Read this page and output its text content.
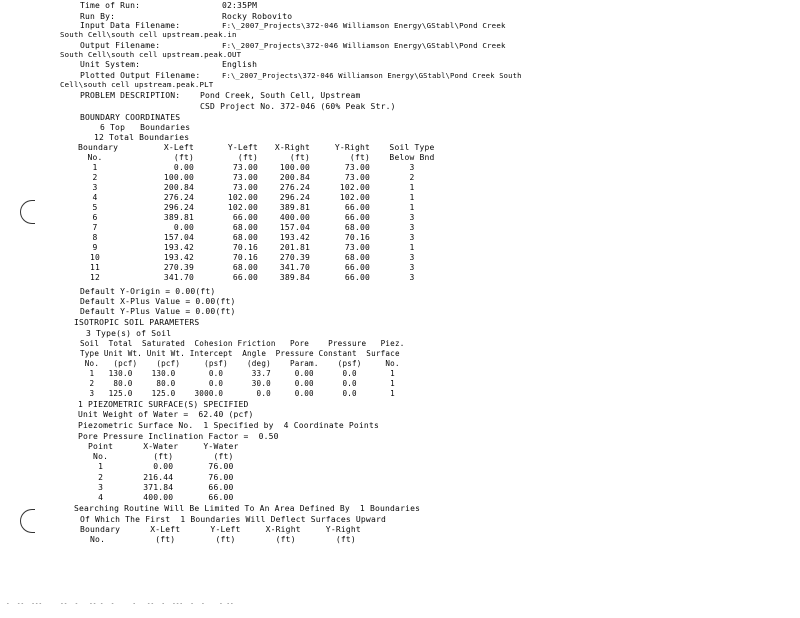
Time of Run:	02:35PM
Run By:	Rocky Robovito
Input Data Filename:	F:\_2007_Projects\372-046 Williamson Energy\GStabl\Pond Creek
South Cell\south cell upstream.peak.in
Output Filename:	F:\_2007_Projects\372-046 Williamson Energy\GStabl\Pond Creek
South Cell\south cell upstream.peak.OUT
Unit System:	English
Plotted Output Filename:	F:\_2007_Projects\372-046 Williamson Energy\GStabl\Pond Creek South
Cell\south cell upstream.peak.PLT
PROBLEM DESCRIPTION: Pond Creek, South Cell, Upstream
CSD Project No. 372-046 (60% Peak Str.)
BOUNDARY COORDINATES
6 Top   Boundaries
12 Total Boundaries
Boundary	X-Left	Y-Left	X-Right	Y-Right	Soil Type
No.	(ft)	(ft)	(ft)	(ft)	Below Bnd
1	0.00	73.00	100.00	73.00	3
2	100.00	73.00	200.84	73.00	2
3	200.84	73.00	276.24	102.00	1
4	276.24	102.00	296.24	102.00	1
5	296.24	102.00	389.81	66.00	1
6	389.81	66.00	400.00	66.00	3
7	0.00	68.00	157.04	68.00	3
8	157.04	68.00	193.42	70.16	3
9	193.42	70.16	201.81	73.00	1
10	193.42	70.16	270.39	68.00	3
11	270.39	68.00	341.70	66.00	3
12	341.70	66.00	389.84	66.00	3
Default Y-Origin = 0.00(ft)
Default X-Plus Value = 0.00(ft)
Default Y-Plus Value = 0.00(ft)
ISOTROPIC SOIL PARAMETERS
3 Type(s) of Soil
Soil  Total  Saturated  Cohesion Friction   Pore    Pressure   Piez.
Type Unit Wt. Unit Wt. Intercept  Angle  Pressure Constant  Surface
No.   (pcf)    (pcf)     (psf)    (deg)    Param.    (psf)     No.
1   130.0    130.0       0.0      33.7     0.00      0.0       1
2    80.0     80.0       0.0      30.0     0.00      0.0       1
3   125.0    125.0    3000.0       0.0     0.00      0.0       1
1 PIEZOMETRIC SURFACE(S) SPECIFIED
Unit Weight of Water =  62.40 (pcf)
Piezometric Surface No.  1 Specified by  4 Coordinate Points
Pore Pressure Inclination Factor =  0.50
Point      X-Water     Y-Water
No.         (ft)        (ft)
1          0.00       76.00
2        216.44       76.00
3        371.84       66.00
4        400.00       66.00
Searching Routine Will Be Limited To An Area Defined By  1 Boundaries
Of Which The First  1 Boundaries Will Deflect Surfaces Upward
Boundary      X-Left      Y-Left     X-Right     Y-Right
No.          (ft)        (ft)        (ft)        (ft)
-  --  ---     --  -   -- -  -     -   --  -  ---  -  -    - --
